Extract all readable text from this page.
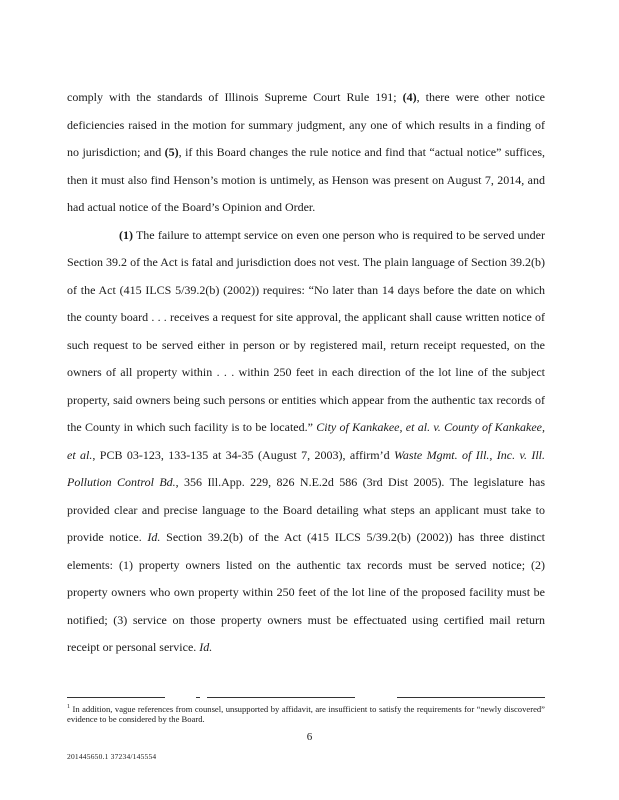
comply with the standards of Illinois Supreme Court Rule 191; (4), there were other notice deficiencies raised in the motion for summary judgment, any one of which results in a finding of no jurisdiction; and (5), if this Board changes the rule notice and find that “actual notice” suffices, then it must also find Henson’s motion is untimely, as Henson was present on August 7, 2014, and had actual notice of the Board’s Opinion and Order.

(1) The failure to attempt service on even one person who is required to be served under Section 39.2 of the Act is fatal and jurisdiction does not vest. The plain language of Section 39.2(b) of the Act (415 ILCS 5/39.2(b) (2002)) requires: “No later than 14 days before the date on which the county board . . . receives a request for site approval, the applicant shall cause written notice of such request to be served either in person or by registered mail, return receipt requested, on the owners of all property within . . . within 250 feet in each direction of the lot line of the subject property, said owners being such persons or entities which appear from the authentic tax records of the County in which such facility is to be located.” City of Kankakee, et al. v. County of Kankakee, et al., PCB 03-123, 133-135 at 34-35 (August 7, 2003), affirm’d Waste Mgmt. of Ill., Inc. v. Ill. Pollution Control Bd., 356 Ill.App. 229, 826 N.E.2d 586 (3rd Dist 2005). The legislature has provided clear and precise language to the Board detailing what steps an applicant must take to provide notice. Id. Section 39.2(b) of the Act (415 ILCS 5/39.2(b) (2002)) has three distinct elements: (1) property owners listed on the authentic tax records must be served notice; (2) property owners who own property within 250 feet of the lot line of the proposed facility must be notified; (3) service on those property owners must be effectuated using certified mail return receipt or personal service. Id.

$^1$ In addition, vague references from counsel, unsupported by affidavit, are insufficient to satisfy the requirements for “newly discovered” evidence to be considered by the Board.
6
201445650.1 37234/145554
